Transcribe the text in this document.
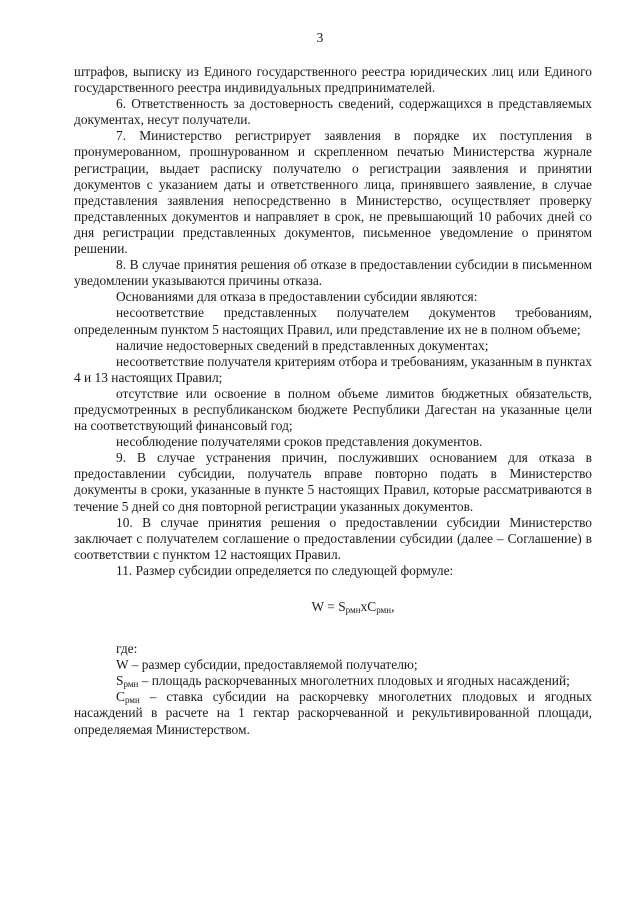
3

штрафов, выписку из Единого государственного реестра юридических лиц или Единого государственного реестра индивидуальных предпринимателей.

6. Ответственность за достоверность сведений, содержащихся в представляемых документах, несут получатели.

7. Министерство регистрирует заявления в порядке их поступления в пронумерованном, прошнурованном и скрепленном печатью Министерства журнале регистрации, выдает расписку получателю о регистрации заявления и принятии документов с указанием даты и ответственного лица, принявшего заявление, в случае представления заявления непосредственно в Министерство, осуществляет проверку представленных документов и направляет в срок, не превышающий 10 рабочих дней со дня регистрации представленных документов, письменное уведомление о принятом решении.

8. В случае принятия решения об отказе в предоставлении субсидии в письменном уведомлении указываются причины отказа.

Основаниями для отказа в предоставлении субсидии являются:

несоответствие представленных получателем документов требованиям, определенным пунктом 5 настоящих Правил, или представление их не в полном объеме;

наличие недостоверных сведений в представленных документах;

несоответствие получателя критериям отбора и требованиям, указанным в пунктах 4 и 13 настоящих Правил;

отсутствие или освоение в полном объеме лимитов бюджетных обязательств, предусмотренных в республиканском бюджете Республики Дагестан на указанные цели на соответствующий финансовый год;

несоблюдение получателями сроков представления документов.

9. В случае устранения причин, послуживших основанием для отказа в предоставлении субсидии, получатель вправе повторно подать в Министерство документы в сроки, указанные в пункте 5 настоящих Правил, которые рассматриваются в течение 5 дней со дня повторной регистрации указанных документов.

10. В случае принятия решения о предоставлении субсидии Министерство заключает с получателем соглашение о предоставлении субсидии (далее – Соглашение) в соответствии с пунктом 12 настоящих Правил.

11. Размер субсидии определяется по следующей формуле:

$W = S_{рмн}xC_{рмн}$,

где:

W – размер субсидии, предоставляемой получателю;

$S_{рмн}$ – площадь раскорчеванных многолетних плодовых и ягодных насаждений;

$С_{рмн}$ – ставка субсидии на раскорчевку многолетних плодовых и ягодных насаждений в расчете на 1 гектар раскорчеванной и рекультивированной площади, определяемая Министерством.
